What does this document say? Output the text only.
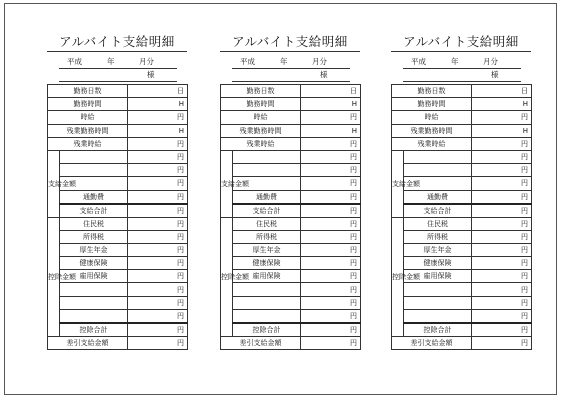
アルバイト支給明細
平成	年	月分
様
勤務日数		日
勤務時間		H
時給		円
残業勤務時間		H
残業時給		円
支給金額		円
		円
		円
	通勤費	円
	支給合計	円
控除金額	住民税	円
	所得税	円
	厚生年金	円
	健康保険	円
	雇用保険	円
		円
		円
		円
	控除合計	円
差引支給金額		円
アルバイト支給明細
平成	年	月分
様
勤務日数		日
勤務時間		H
時給		円
残業勤務時間		H
残業時給		円
支給金額		円
		円
		円
	通勤費	円
	支給合計	円
控除金額	住民税	円
	所得税	円
	厚生年金	円
	健康保険	円
	雇用保険	円
		円
		円
		円
	控除合計	円
差引支給金額		円
アルバイト支給明細
平成	年	月分
様
勤務日数		日
勤務時間		H
時給		円
残業勤務時間		H
残業時給		円
支給金額		円
		円
		円
	通勤費	円
	支給合計	円
控除金額	住民税	円
	所得税	円
	厚生年金	円
	健康保険	円
	雇用保険	円
		円
		円
		円
	控除合計	円
差引支給金額		円
